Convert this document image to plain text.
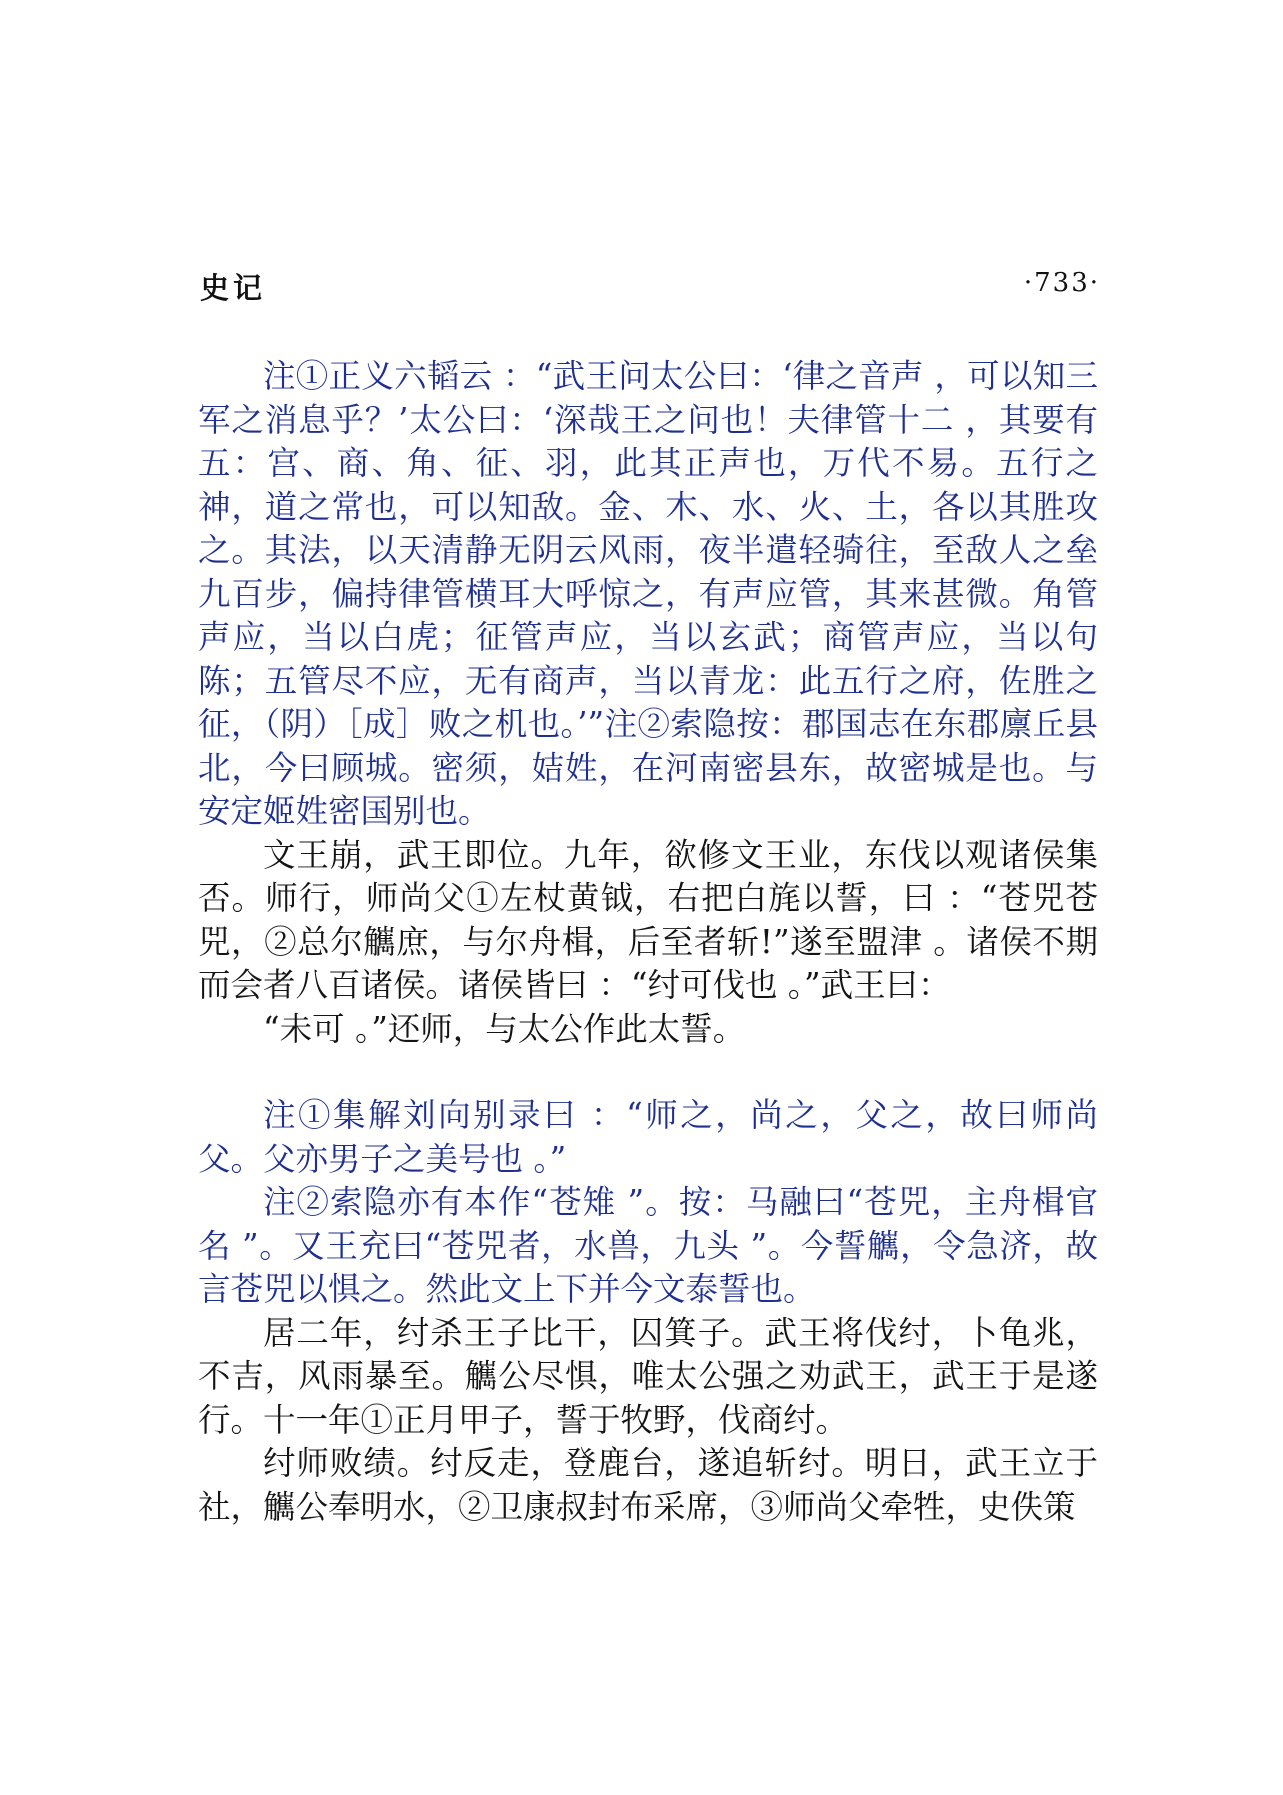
史记	·733·

注①正义六韬云 ：“武王问太公曰：‘律之音声 ，可以知三军之消息乎？’太公曰：‘深哉王之问也！夫律管十二 ，其要有五：宫、商、角、征、羽，此其正声也，万代不易。五行之神，道之常也，可以知敌。金、木、水、火、土，各以其胜攻之。其法，以天清静无阴云风雨，夜半遣轻骑往，至敌人之垒九百步，偏持律管横耳大呼惊之，有声应管，其来甚微。角管声应，当以白虎；征管声应，当以玄武；商管声应，当以句陈；五管尽不应，无有商声，当以青龙：此五行之府，佐胜之征，（阴）［成］败之机也。’”注②索隐按：郡国志在东郡廪丘县北，今曰顾城。密须，姞姓，在河南密县东，故密城是也。与安定姬姓密国别也。

文王崩，武王即位。九年，欲修文王业，东伐以观诸侯集否。师行，师尚父①左杖黄钺，右把白旄以誓，曰 ：“苍兕苍兕，②总尔觽庶，与尔舟楫，后至者斩!”遂至盟津 。诸侯不期而会者八百诸侯。诸侯皆曰 ：“纣可伐也 。”武王曰：

“未可 。”还师，与太公作此太誓。

注①集解刘向别录曰 ：“师之，尚之，父之，故曰师尚父。父亦男子之美号也 。”

注②索隐亦有本作“苍雉 ”。按：马融曰“苍兕，主舟楫官名 ”。又王充曰“苍兕者，水兽，九头 ”。今誓觽，令急济，故言苍兕以惧之。然此文上下并今文泰誓也。

居二年，纣杀王子比干，囚箕子。武王将伐纣，卜龟兆，不吉，风雨暴至。觽公尽惧，唯太公强之劝武王，武王于是遂行。十一年①正月甲子，誓于牧野，伐商纣。

纣师败绩。纣反走，登鹿台，遂追斩纣。明日，武王立于社，觽公奉明水，②卫康叔封布采席，③师尚父牵牲，史佚策
